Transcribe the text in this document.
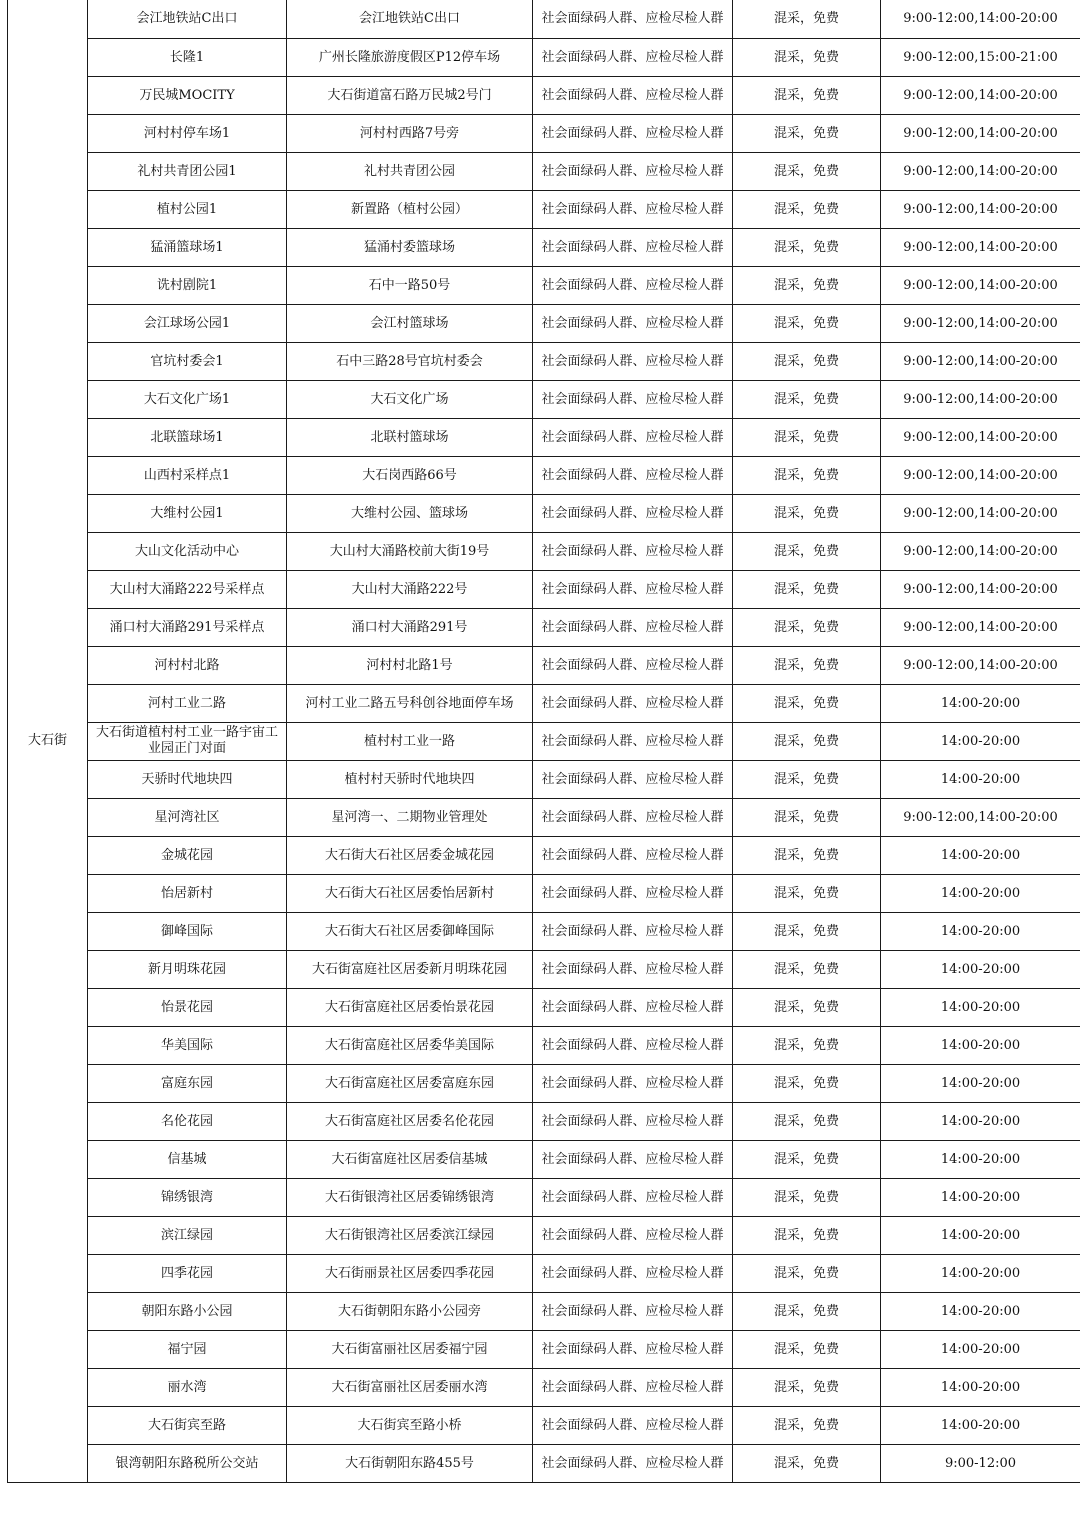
大石街	会江地铁站C出口	会江地铁站C出口	社会面绿码人群、应检尽检人群	混采，免费	9:00-12:00,14:00-20:00
	长隆1	广州长隆旅游度假区P12停车场	社会面绿码人群、应检尽检人群	混采，免费	9:00-12:00,15:00-21:00
	万民城MOCITY	大石街道富石路万民城2号门	社会面绿码人群、应检尽检人群	混采，免费	9:00-12:00,14:00-20:00
	河村村停车场1	河村村西路7号旁	社会面绿码人群、应检尽检人群	混采，免费	9:00-12:00,14:00-20:00
	礼村共青团公园1	礼村共青团公园	社会面绿码人群、应检尽检人群	混采，免费	9:00-12:00,14:00-20:00
	植村公园1	新置路（植村公园）	社会面绿码人群、应检尽检人群	混采，免费	9:00-12:00,14:00-20:00
	猛涌篮球场1	猛涌村委篮球场	社会面绿码人群、应检尽检人群	混采，免费	9:00-12:00,14:00-20:00
	诜村剧院1	石中一路50号	社会面绿码人群、应检尽检人群	混采，免费	9:00-12:00,14:00-20:00
	会江球场公园1	会江村篮球场	社会面绿码人群、应检尽检人群	混采，免费	9:00-12:00,14:00-20:00
	官坑村委会1	石中三路28号官坑村委会	社会面绿码人群、应检尽检人群	混采，免费	9:00-12:00,14:00-20:00
	大石文化广场1	大石文化广场	社会面绿码人群、应检尽检人群	混采，免费	9:00-12:00,14:00-20:00
	北联篮球场1	北联村篮球场	社会面绿码人群、应检尽检人群	混采，免费	9:00-12:00,14:00-20:00
	山西村采样点1	大石岗西路66号	社会面绿码人群、应检尽检人群	混采，免费	9:00-12:00,14:00-20:00
	大维村公园1	大维村公园、篮球场	社会面绿码人群、应检尽检人群	混采，免费	9:00-12:00,14:00-20:00
	大山文化活动中心	大山村大涌路校前大街19号	社会面绿码人群、应检尽检人群	混采，免费	9:00-12:00,14:00-20:00
	大山村大涌路222号采样点	大山村大涌路222号	社会面绿码人群、应检尽检人群	混采，免费	9:00-12:00,14:00-20:00
	涌口村大涌路291号采样点	涌口村大涌路291号	社会面绿码人群、应检尽检人群	混采，免费	9:00-12:00,14:00-20:00
	河村村北路	河村村北路1号	社会面绿码人群、应检尽检人群	混采，免费	9:00-12:00,14:00-20:00
	河村工业二路	河村工业二路五号科创谷地面停车场	社会面绿码人群、应检尽检人群	混采，免费	14:00-20:00
	大石街道植村村工业一路宇宙工业园正门对面	植村村工业一路	社会面绿码人群、应检尽检人群	混采，免费	14:00-20:00
	天骄时代地块四	植村村天骄时代地块四	社会面绿码人群、应检尽检人群	混采，免费	14:00-20:00
	星河湾社区	星河湾一、二期物业管理处	社会面绿码人群、应检尽检人群	混采，免费	9:00-12:00,14:00-20:00
	金城花园	大石街大石社区居委金城花园	社会面绿码人群、应检尽检人群	混采，免费	14:00-20:00
	怡居新村	大石街大石社区居委怡居新村	社会面绿码人群、应检尽检人群	混采，免费	14:00-20:00
	御峰国际	大石街大石社区居委御峰国际	社会面绿码人群、应检尽检人群	混采，免费	14:00-20:00
	新月明珠花园	大石街富庭社区居委新月明珠花园	社会面绿码人群、应检尽检人群	混采，免费	14:00-20:00
	怡景花园	大石街富庭社区居委怡景花园	社会面绿码人群、应检尽检人群	混采，免费	14:00-20:00
	华美国际	大石街富庭社区居委华美国际	社会面绿码人群、应检尽检人群	混采，免费	14:00-20:00
	富庭东园	大石街富庭社区居委富庭东园	社会面绿码人群、应检尽检人群	混采，免费	14:00-20:00
	名伦花园	大石街富庭社区居委名伦花园	社会面绿码人群、应检尽检人群	混采，免费	14:00-20:00
	信基城	大石街富庭社区居委信基城	社会面绿码人群、应检尽检人群	混采，免费	14:00-20:00
	锦绣银湾	大石街银湾社区居委锦绣银湾	社会面绿码人群、应检尽检人群	混采，免费	14:00-20:00
	滨江绿园	大石街银湾社区居委滨江绿园	社会面绿码人群、应检尽检人群	混采，免费	14:00-20:00
	四季花园	大石街丽景社区居委四季花园	社会面绿码人群、应检尽检人群	混采，免费	14:00-20:00
	朝阳东路小公园	大石街朝阳东路小公园旁	社会面绿码人群、应检尽检人群	混采，免费	14:00-20:00
	福宁园	大石街富丽社区居委福宁园	社会面绿码人群、应检尽检人群	混采，免费	14:00-20:00
	丽水湾	大石街富丽社区居委丽水湾	社会面绿码人群、应检尽检人群	混采，免费	14:00-20:00
	大石街宾至路	大石街宾至路小桥	社会面绿码人群、应检尽检人群	混采，免费	14:00-20:00
	银湾朝阳东路税所公交站	大石街朝阳东路455号	社会面绿码人群、应检尽检人群	混采，免费	9:00-12:00
